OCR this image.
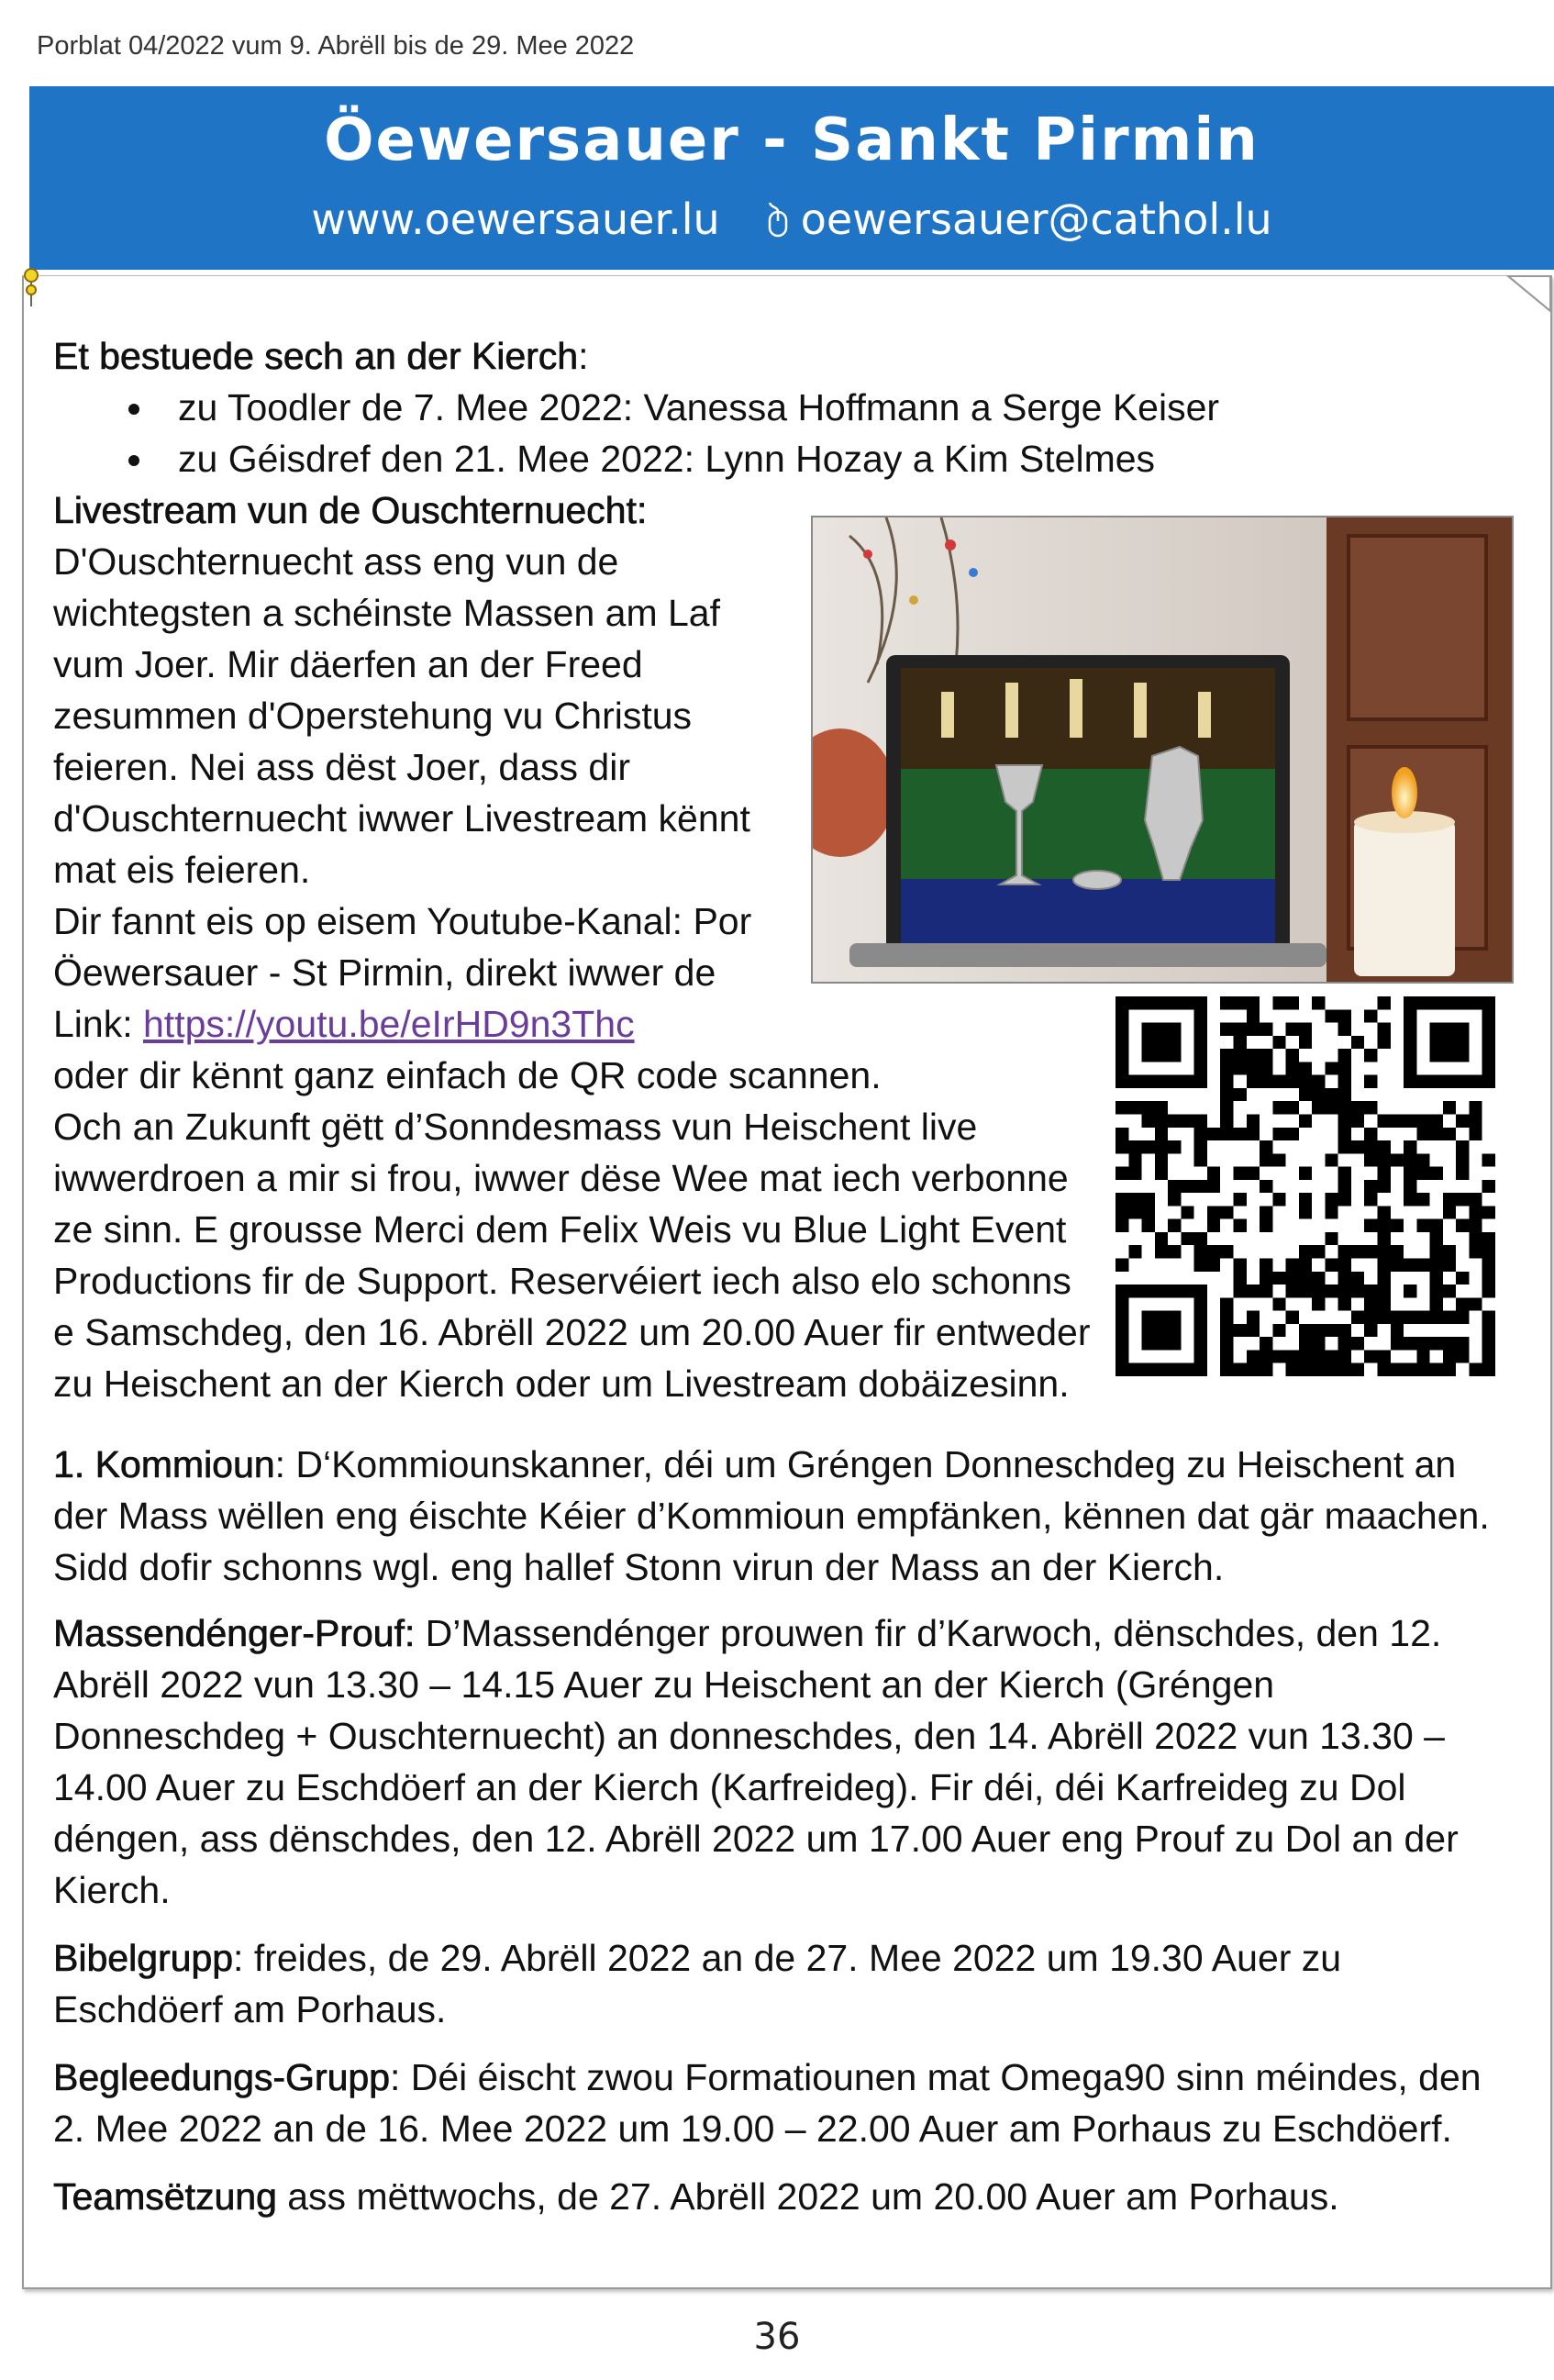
Porblat 04/2022 vum 9. Abrëll bis de 29. Mee 2022
Öewersauer - Sankt Pirmin
www.oewersauer.lu oewersauer@cathol.lu

Et bestuede sech an der Kierch:

zu Toodler de 7. Mee 2022: Vanessa Hoffmann a Serge Keiser
zu Géisdref den 21. Mee 2022: Lynn Hozay a Kim Stelmes

Livestream vun de Ouschternuecht:

D'Ouschternuecht ass eng vun de

wichtegsten a schéinste Massen am Laf

vum Joer. Mir däerfen an der Freed

zesummen d'Operstehung vu Christus

feieren. Nei ass dëst Joer, dass dir

d'Ouschternuecht iwwer Livestream kënnt

mat eis feieren.

Dir fannt eis op eisem Youtube-Kanal: Por

Öewersauer - St Pirmin, direkt iwwer de

Link: https://youtu.be/eIrHD9n3Thc

oder dir kënnt ganz einfach de QR code scannen.

Och an Zukunft gëtt d’Sonndesmass vun Heischent live

iwwerdroen a mir si frou, iwwer dëse Wee mat iech verbonne

ze sinn. E grousse Merci dem Felix Weis vu Blue Light Event

Productions fir de Support. Reservéiert iech also elo schonns

e Samschdeg, den 16. Abrëll 2022 um 20.00 Auer fir entweder

zu Heischent an der Kierch oder um Livestream dobäizesinn.

1. Kommioun: D‘Kommiounskanner, déi um Gréngen Donneschdeg zu Heischent an der Mass wëllen eng éischte Kéier d’Kommioun empfänken, kënnen dat gär maachen. Sidd dofir schonns wgl. eng hallef Stonn virun der Mass an der Kierch.

Massendénger-Prouf: D’Massendénger prouwen fir d’Karwoch, dënschdes, den 12. Abrëll 2022 vun 13.30 – 14.15 Auer zu Heischent an der Kierch (Gréngen Donneschdeg + Ouschternuecht) an donneschdes, den 14. Abrëll 2022 vun 13.30 – 14.00 Auer zu Eschdöerf an der Kierch (Karfreideg). Fir déi, déi Karfreideg zu Dol déngen, ass dënschdes, den 12. Abrëll 2022 um 17.00 Auer eng Prouf zu Dol an der Kierch.

Bibelgrupp: freides, de 29. Abrëll 2022 an de 27. Mee 2022 um 19.30 Auer zu Eschdöerf am Porhaus.

Begleedungs-Grupp: Déi éischt zwou Formatiounen mat Omega90 sinn méindes, den 2. Mee 2022 an de 16. Mee 2022 um 19.00 – 22.00 Auer am Porhaus zu Eschdöerf.

Teamsëtzung ass mëttwochs, de 27. Abrëll 2022 um 20.00 Auer am Porhaus.

36
